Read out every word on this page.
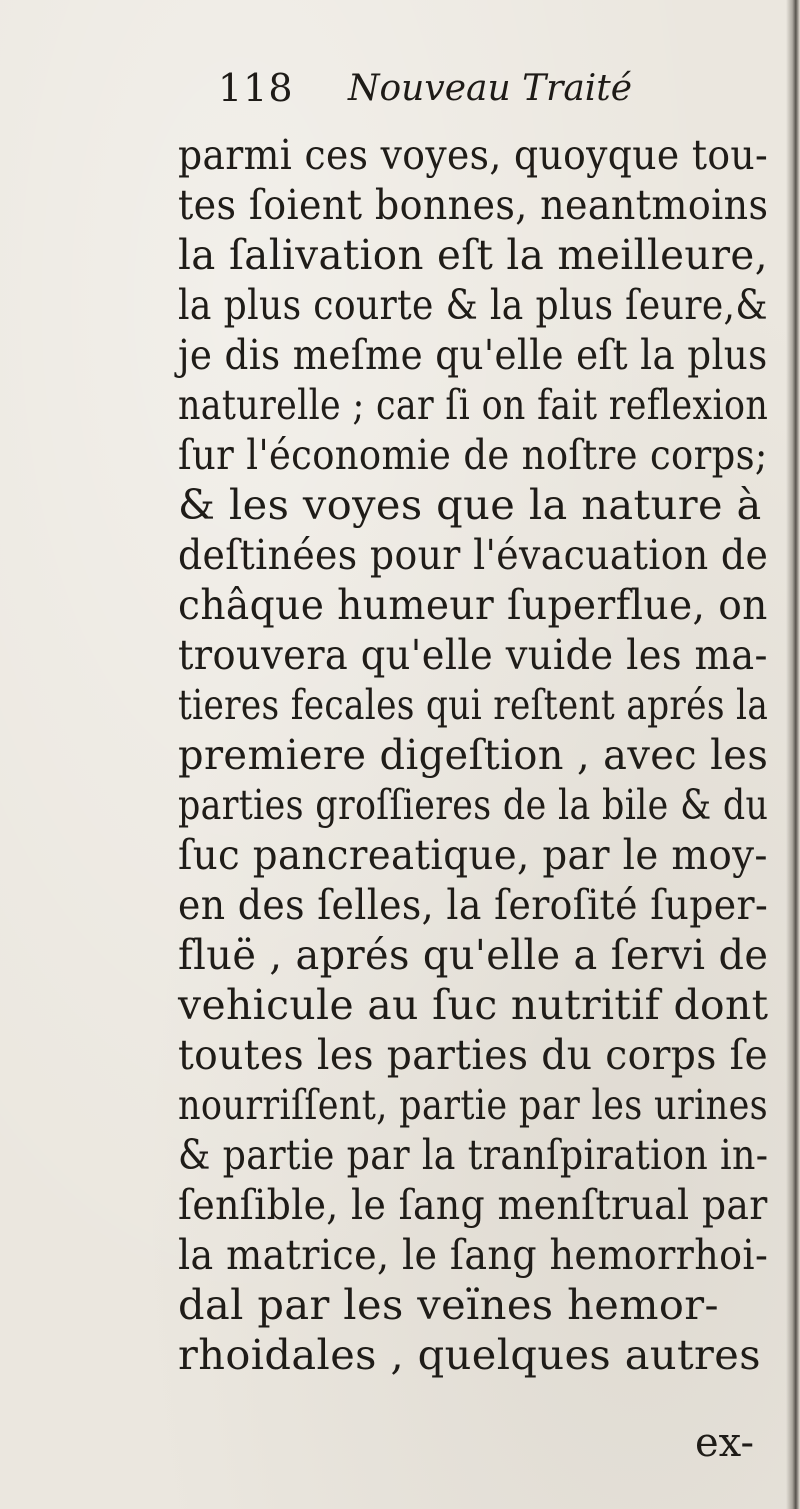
118 Nouveau Traité
parmi ces voyes, quoyque tou-
tes ſoient bonnes, neantmoins
la ſalivation eſt la meilleure,
la plus courte & la plus ſeure,&
je dis meſme qu'elle eſt la plus
naturelle ; car ſi on fait reflexion
ſur l'économie de noſtre corps;
& les voyes que la nature à
deſtinées pour l'évacuation de
châque humeur ſuperflue, on
trouvera qu'elle vuide les ma-
tieres fecales qui reſtent aprés la
premiere digeſtion , avec les
parties groſſieres de la bile & du
ſuc pancreatique, par le moy-
en des ſelles, la ſeroſité ſuper-
fluë , aprés qu'elle a ſervi de
vehicule au ſuc nutritif dont
toutes les parties du corps ſe
nourriſſent, partie par les urines
& partie par la tranſpiration in-
ſenſible, le ſang menſtrual par
la matrice, le ſang hemorrhoi-
dal par les veïnes hemor-
rhoidales , quelques autres
ex-
